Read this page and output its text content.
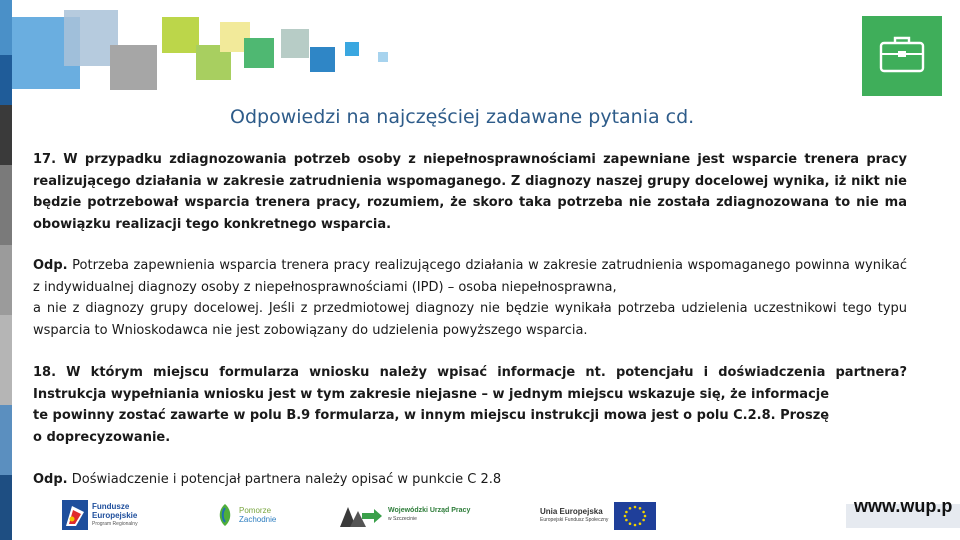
Odpowiedzi na najczęściej zadawane pytania cd.

17. W przypadku zdiagnozowania potrzeb osoby z niepełnosprawnościami zapewniane jest wsparcie trenera pracy realizującego działania w zakresie zatrudnienia wspomaganego. Z diagnozy naszej grupy docelowej wynika, iż nikt nie będzie potrzebował wsparcia trenera pracy, rozumiem, że skoro taka potrzeba nie została zdiagnozowana to nie ma obowiązku realizacji tego konkretnego wsparcia.

Odp. Potrzeba zapewnienia wsparcia trenera pracy realizującego działania w zakresie zatrudnienia wspomaganego powinna wynikać z indywidualnej diagnozy osoby z niepełnosprawnościami (IPD) – osoba niepełnosprawna,

a nie z diagnozy grupy docelowej. Jeśli z przedmiotowej diagnozy nie będzie wynikała potrzeba udzielenia uczestnikowi tego typu wsparcia to Wnioskodawca nie jest zobowiązany do udzielenia powyższego wsparcia.

18. W którym miejscu formularza wniosku należy wpisać informacje nt. potencjału i doświadczenia partnera? Instrukcja wypełniania wniosku jest w tym zakresie niejasne – w jednym miejscu wskazuje się, że informacje

te powinny zostać zawarte w polu B.9 formularza, w innym miejscu instrukcji mowa jest o polu C.2.8. Proszę

o doprecyzowanie.

Odp. Doświadczenie i potencjał partnera należy opisać w punkcie C 2.8

Fundusze
Europejskie
Program Regionalny
Pomorze
Zachodnie
Wojewódzki Urząd Pracy
w Szczecinie
Unia Europejska
Europejski Fundusz Społeczny
www.wup.p
